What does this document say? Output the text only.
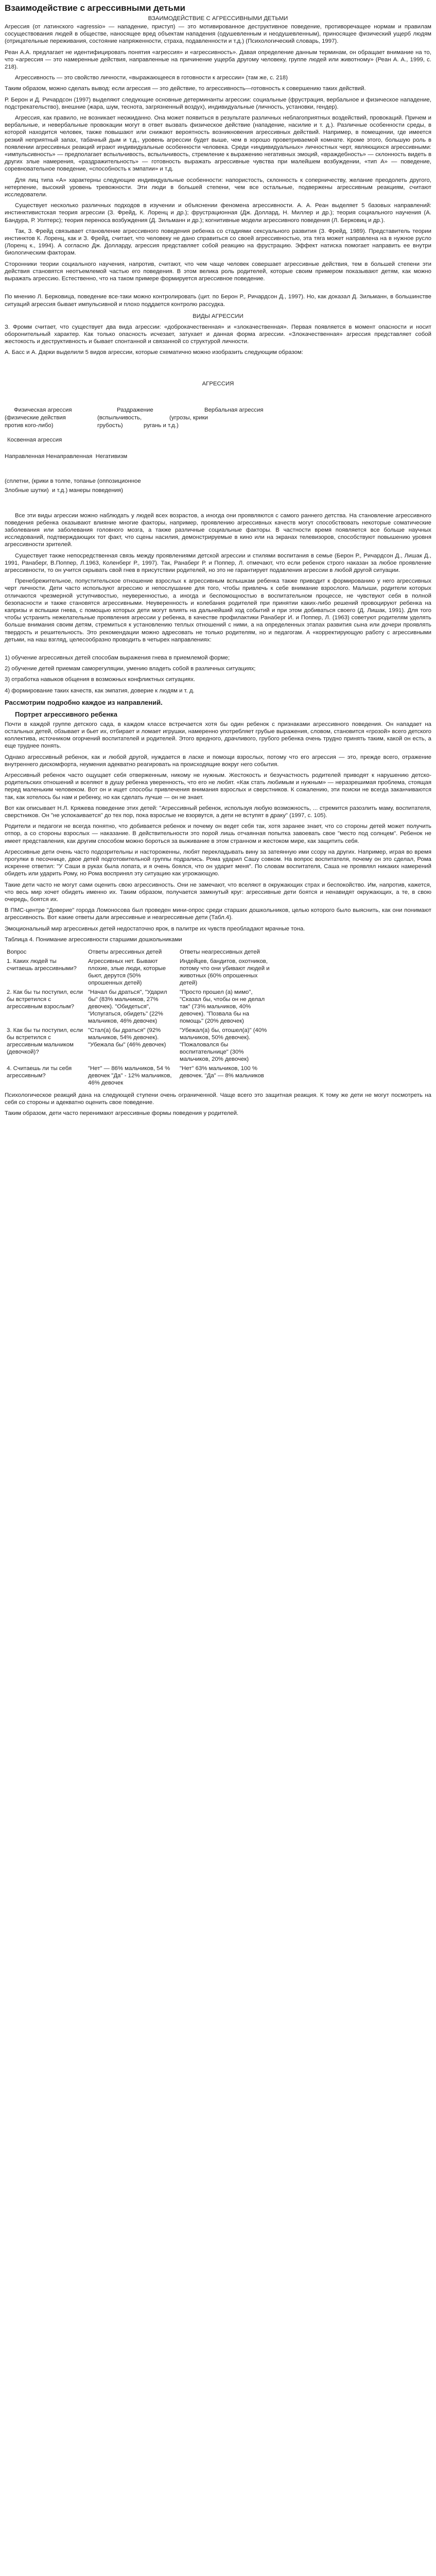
Взаимодействие с агрессивными детьми
ВЗАИМОДЕЙСТВИЕ С АГРЕССИВНЫМИ ДЕТЬМИ

Агрессия (от латинского «agressio» — нападение, приступ) — это мотивированное деструктивное поведение, противоречащее нормам и правилам сосуществования людей в обществе, наносящее вред объектам нападения (одушевленным и неодушевленным), приносящее физический ущерб людям (отрицательные переживания, состояние напряженности, страха, подавленности и т.д.) (Психологический словарь, 1997).

Реан А.А. предлагает не идентифицировать понятия «агрессия» и «агрессивность». Давая определение данным терминам, он обращает внимание на то, что «агрессия — это намеренные действия, направленные на причинение ущерба другому человеку, группе людей или животному» (Реан А. А., 1999, с. 218).

Агрессивность — это свойство личности, «выражающееся в готовности к агрессии» (там же, с. 218)

Таким образом, можно сделать вывод: если агрессия — это действие, то агрессивность—готовность к совершению таких действий.

Р. Берон и Д. Ричардсон (1997) выделяют следующие основные детерминанты агрессии: социальные (фрустрация, вербальное и физическое нападение, подстрекательство), внешние (жара, шум, теснота, загрязненный воздух), индивидуальные (личность, установки, гендер).

Агрессия, как правило, не возникает неожиданно. Она может появиться в результате различных неблагоприятных воздействий, провокаций. Причем и вербальные, и невербальные провокации могут в ответ вызвать физическое действие (нападение, насилие и т. д.). Различные особенности среды, в которой находится человек, также повышают или снижают вероятность возникновения агрессивных действий. Например, в помещении, где имеется резкий неприятный запах, табачный дым и т.д., уровень агрессии будет выше, чем в хорошо проветриваемой комнате. Кроме этого, большую роль в появлении агрессивных реакций играют индивидуальные особенности человека. Среди «индивидуальных» личностных черт, являющихся агрессивными: «импульсивность» — предполагает вспыльчивость, вспыльчивость, стремление к выражению негативных эмоций, «враждебность» — склонность видеть в других злые намерения, «раздражительность» — готовность выражать агрессивные чувства при малейшем возбуждении, «тип А» — поведение, соревновательное поведение, «способность к эмпатии» и т.д.

Для лиц типа «А» характерны следующие индивидуальные особенности: напористость, склонность к соперничеству, желание преодолеть другого, нетерпение, высокий уровень тревожности. Эти люди в большей степени, чем все остальные, подвержены агрессивным реакциям, считают исследователи.

Существует несколько различных подходов в изучении и объяснении феномена агрессивности. А. А. Реан выделяет 5 базовых направлений: инстинктивистская теория агрессии (З. Фрейд, К. Лоренц и др.); фрустрационная (Дж. Доллард, Н. Миллер и др.); теория социального научения (А. Бандура, Р. Уолтерс); теория переноса возбуждения (Д. Зильманн и др.); когнитивные модели агрессивного поведения (Л. Берковиц и др.).

Так, З. Фрейд связывает становление агрессивного поведения ребенка со стадиями сексуального развития (З. Фрейд, 1989). Представитель теории инстинктов К. Лоренц, как и З. Фрейд, считает, что человеку не дано справиться со своей агрессивностью, эта тяга может направлена на в нужное русло (Лоренц к., 1994). А согласно Дж. Долларду, агрессия представляет собой реакцию на фрустрацию. Эффект натиска помогает направить ее внутри биологическим факторам.

Сторонники теории социального научения, напротив, считают, что чем чаще человек совершает агрессивные действия, тем в большей степени эти действия становятся неотъемлемой частью его поведения. В этом велика роль родителей, которые своим примером показывают детям, как можно выражать агрессию. Естественно, что на таком примере формируется агрессивное поведение.

По мнению Л. Берковица, поведение все-таки можно контролировать (цит. по Берон Р., Ричардсон Д., 1997). Но, как доказал Д. Зильманн, в большинстве ситуаций агрессия бывает импульсивной и плохо поддается контролю рассудка.

ВИДЫ АГРЕССИИ

З. Фромм считает, что существует два вида агрессии: «доброкачественная» и «злокачественная». Первая появляется в момент опасности и носит оборонительный характер. Как только опасность исчезает, затухает и данная форма агрессии. «Злокачественная» агрессия представляет собой жестокость и деструктивность и бывает спонтанной и связанной со структурой личности.

А. Басс и А. Дарки выделили 5 видов агрессии, которые схематично можно изобразить следующим образом:

АГРЕССИЯ
Физическая агрессия	Раздражение	Вербальная агрессия
(физические действия	(вспыльчивость,	(угрозы, крики
против кого-либо)	грубость)	ругань и т.д.)
Косвенная агрессия
Направленная Ненаправленная  Негативизм
(сплетни, (крики в толпе, топанье (оппозиционное
Злобные шутки)  и т.д.) манеры поведения)

Все эти виды агрессии можно наблюдать у людей всех возрастов, а иногда они проявляются с самого раннего детства. На становление агрессивного поведения ребенка оказывают влияние многие факторы, например, проявлению агрессивных качеств могут способствовать некоторые соматические заболевания или заболевания головного мозга, а также различные социальные факторы. В частности время появляется все больше научных исследований, подтверждающих тот факт, что сцены насилия, демонстрируемые в кино или на экранах телевизоров, способствуют повышению уровня агрессивности зрителей.

Существует также непосредственная связь между проявлениями детской агрессии и стилями воспитания в семье (Берон Р., Ричардсон Д., Лишак Д., 1991, Ранаберг, В.Поппер, Л.1963, Коленберг Р., 1997). Так, Ранаберг Р. и Поппер, Л. отмечают, что если ребенок строго наказан за любое проявление агрессивности, то он учится скрывать свой гнев в присутствии родителей, но это не гарантирует подавления агрессии в любой другой ситуации.

Пренебрежительное, попустительское отношение взрослых к агрессивным вспышкам ребенка также приводит к формированию у него агрессивных черт личности. Дети часто используют агрессию и непослушание для того, чтобы привлечь к себе внимание взрослого. Малыши, родители которых отличаются чрезмерной уступчивостью, неуверенностью, а иногда и беспомощностью в воспитательном процессе, не чувствуют себя в полной безопасности и также становятся агрессивными. Неуверенность и колебания родителей при принятии каких-либо решений провоцируют ребенка на капризы и вспышки гнева, с помощью которых дети могут влиять на дальнейший ход событий и при этом добиваться своего (Д. Лишак, 1991). Для того чтобы устранить нежелательные проявления агрессии у ребенка, в качестве профилактики Ранаберг И. и Поппер, Л. (1963) советуют родителям уделять больше внимания своим детям, стремиться к установлению теплых отношений с ними, а на определенных этапах развития сына или дочери проявлять твердость и решительность. Это рекомендации можно адресовать не только родителям, но и педагогам. А «корректирующую работу с агрессивными детьми, на наш взгляд, целесообразно проводить в четырех направлениях:

1) обучение агрессивных детей способам выражения гнева в приемлемой форме;

2) обучение детей приемам саморегуляции, умению владеть собой в различных ситуациях;

3) отработка навыков общения в возможных конфликтных ситуациях.

4) формирование таких качеств, как эмпатия, доверие к людям и т. д.

Рассмотрим подробно каждое из направлений.
Портрет агрессивного ребенка

Почти в каждой группе детского сада, в каждом классе встречается хотя бы один ребенок с признаками агрессивного поведения. Он нападает на остальных детей, обзывает и бьет их, отбирает и ломает игрушки, намеренно употребляет грубые выражения, словом, становится «грозой» всего детского коллектива, источником огорчений воспитателей и родителей. Этого вредного, драчливого, грубого ребенка очень трудно принять таким, какой он есть, а еще труднее понять.

Однако агрессивный ребенок, как и любой другой, нуждается в ласке и помощи взрослых, потому что его агрессия — это, прежде всего, отражение внутреннего дискомфорта, неумения адекватно реагировать на происходящие вокруг него события.

Агрессивный ребенок часто ощущает себя отверженным, никому не нужным. Жестокость и безучастность родителей приводят к нарушению детско-родительских отношений и вселяют в душу ребенка уверенность, что его не любят. «Как стать любимым и нужным» — неразрешимая проблема, стоящая перед маленьким человеком. Вот он и ищет способы привлечения внимания взрослых и сверстников. К сожалению, эти поиски не всегда заканчиваются так, как хотелось бы нам и ребенку, но как сделать лучше — он не знает.

Вот как описывает Н.Л. Кряжева поведение этих детей: "Агрессивный ребенок, используя любую возможность, ... стремится разозлить маму, воспитателя, сверстников. Он "не успокаивается" до тех пор, пока взрослые не взорвутся, а дети не вступят в драку" (1997, с. 105).

Родители и педагоги не всегда понятно, что добивается ребенок и почему он ведет себя так, хотя заранее знает, что со стороны детей может получить отпор, а со стороны взрослых — наказание. В действительности это порой лишь отчаянная попытка завоевать свое "место под солнцем". Ребенок не имеет представления, как другим способом можно бороться за выживание в этом странном и жестоком мире, как защитить себя.

Агрессивные дети очень часто подозрительны и настороженны, любят перекладывать вину за затеянную ими ссору на других. Например, играя во время прогулки в песочнице, двое детей подготовительной группы подрались. Рома ударил Сашу совком. На вопрос воспитателя, почему он это сделал, Рома искренне ответил: "У Саши в руках была лопата, и я очень боялся, что он ударит меня". По словам воспитателя, Саша не проявлял никаких намерений обидеть или ударить Рому, но Рома воспринял эту ситуацию как угрожающую.

Такие дети часто не могут сами оценить свою агрессивность. Они не замечают, что вселяют в окружающих страх и беспокойство. Им, напротив, кажется, что весь мир хочет обидеть именно их. Таким образом, получается замкнутый круг: агрессивные дети боятся и ненавидят окружающих, а те, в свою очередь, боятся их.

В ПМС-центре "Доверие" города Ломоносова был проведен мини-опрос среди старших дошкольников, целью которого было выяснить, как они понимают агрессивность. Вот какие ответы дали агрессивные и неагрессивные дети (Табл.4).

Эмоциональный мир агрессивных детей недостаточно ярок, в палитре их чувств преобладают мрачные тона.

Таблица 4. Понимание агрессивности старшими дошкольниками

Вопрос	Ответы агрессивных детей	Ответы неагрессивных детей
1. Каких людей ты считаешь агрессивными?	Агрессивных нет. Бывают плохие, злые люди, которые бьют, дерутся (50% опрошенных детей)	Индейцев, бандитов, охотников, потому что они убивают людей и животных (60% опрошенных детей)
2. Как бы ты поступил, если бы встретился с агрессивным взрослым?	"Начал бы драться", "Ударил бы" (83% мальчиков, 27% девочек). "Обидеться", "Испугаться, обидеть" (22% мальчиков, 46% девочек)	"Просто прошел (а) мимо", "Сказал бы, чтобы он не делал так" (73% мальчиков, 40% девочек). "Позвала бы на помощь" (20% девочек)
3. Как бы ты поступил, если бы встретился с агрессивным мальчиком (девочкой)?	"Стал(а) бы драться" (92% мальчиков, 54% девочек). "Убежала бы" (46% девочек)	"Убежал(а) бы, отошел(а)" (40% мальчиков, 50% девочек). "Пожаловался бы воспитательнице" (30% мальчиков, 20% девочек)
4. Считаешь ли ты себя агрессивным?	"Нет" — 86% мальчиков, 54 % девочек "Да" - 12% мальчиков, 46% девочек	"Нет" 63% мальчиков, 100 % девочек. "Да" — 8% мальчиков

Психологическое реакций дана на следующей ступени очень ограниченной. Чаще всего это защитная реакция. К тому же дети не могут посмотреть на себя со стороны и адекватно оценить свое поведение.

Таким образом, дети часто перенимают агрессивные формы поведения у родителей.
